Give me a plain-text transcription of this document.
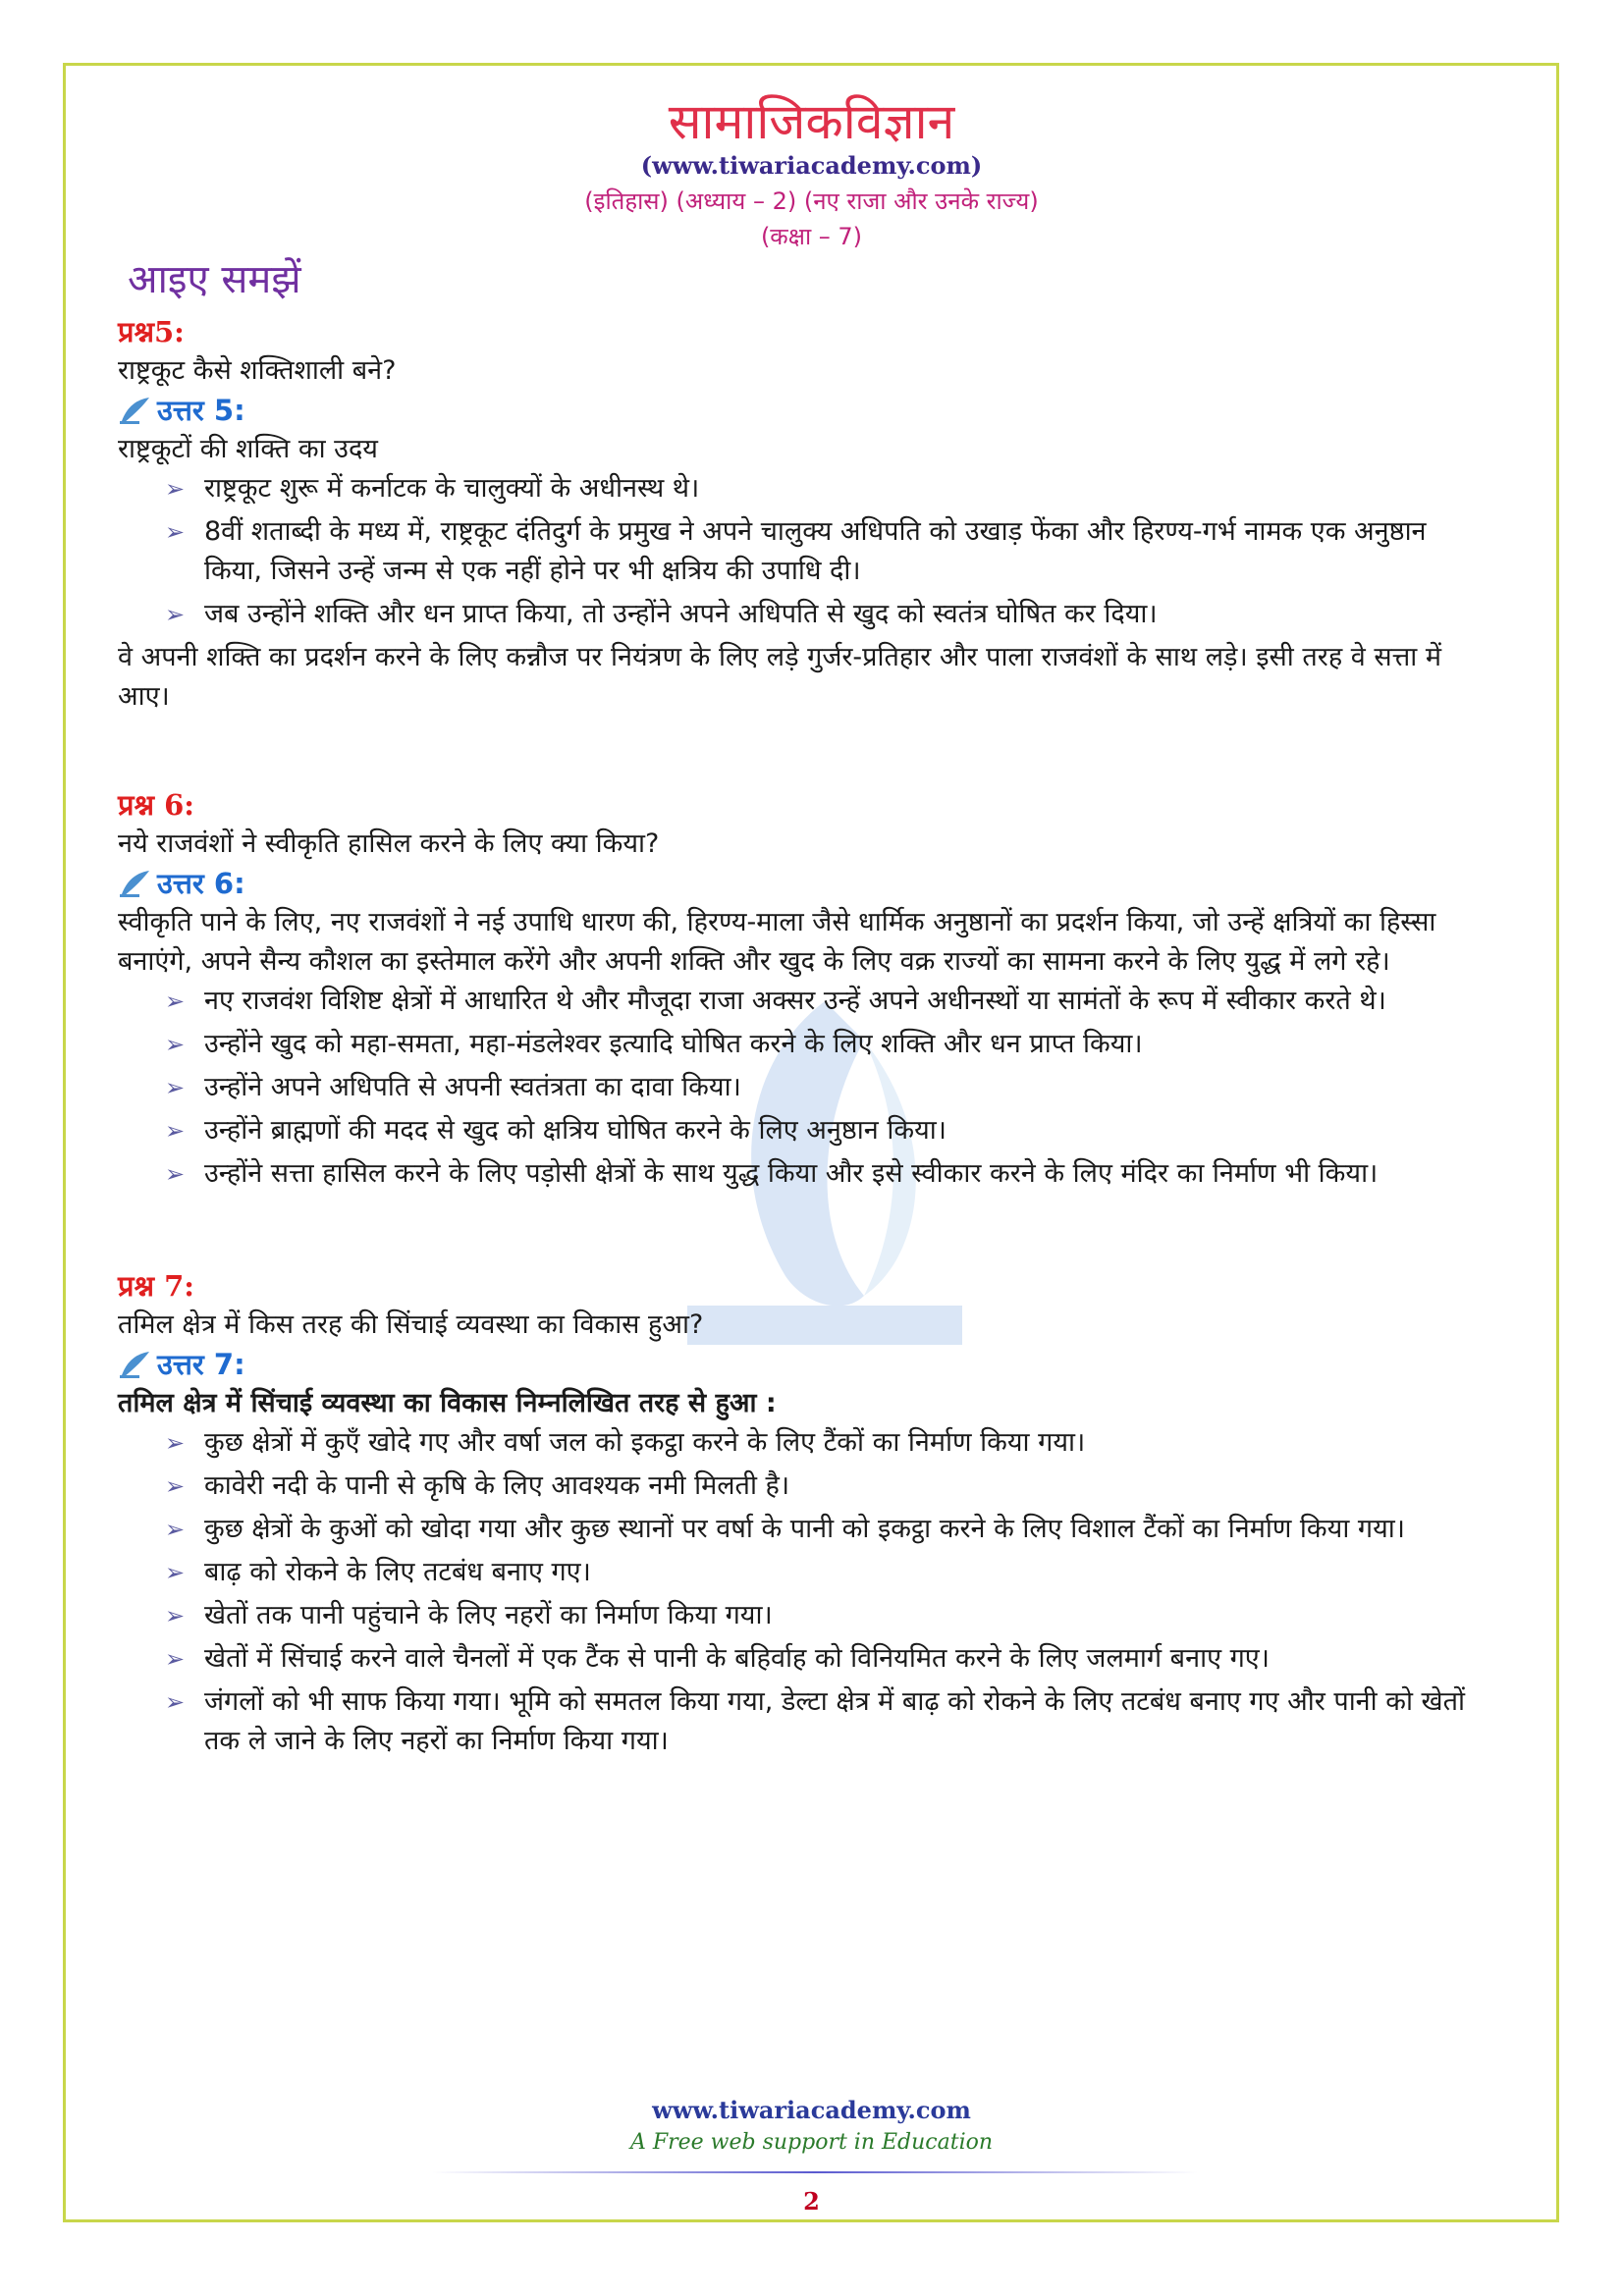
सामाजिकविज्ञान
(www.tiwariacademy.com)
(इतिहास) (अध्याय – 2) (नए राजा और उनके राज्य)
(कक्षा – 7)
आइए समझें

प्रश्न5:

राष्ट्रकूट कैसे शक्तिशाली बने?

उत्तर 5:

राष्ट्रकूटों की शक्ति का उदय

➢ राष्ट्रकूट शुरू में कर्नाटक के चालुक्यों के अधीनस्थ थे।
➢ 8वीं शताब्दी के मध्य में, राष्ट्रकूट दंतिदुर्ग के प्रमुख ने अपने चालुक्य अधिपति को उखाड़ फेंका और हिरण्य-गर्भ नामक एक अनुष्ठान किया, जिसने उन्हें जन्म से एक नहीं होने पर भी क्षत्रिय की उपाधि दी।
➢ जब उन्होंने शक्ति और धन प्राप्त किया, तो उन्होंने अपने अधिपति से खुद को स्वतंत्र घोषित कर दिया।

वे अपनी शक्ति का प्रदर्शन करने के लिए कन्नौज पर नियंत्रण के लिए लड़े गुर्जर-प्रतिहार और पाला राजवंशों के साथ लड़े। इसी तरह वे सत्ता में आए।

प्रश्न 6:

नये राजवंशों ने स्वीकृति हासिल करने के लिए क्या किया?

उत्तर 6:

स्वीकृति पाने के लिए, नए राजवंशों ने नई उपाधि धारण की, हिरण्य-माला जैसे धार्मिक अनुष्ठानों का प्रदर्शन किया, जो उन्हें क्षत्रियों का हिस्सा बनाएंगे, अपने सैन्य कौशल का इस्तेमाल करेंगे और अपनी शक्ति और खुद के लिए वक्र राज्यों का सामना करने के लिए युद्ध में लगे रहे।

➢ नए राजवंश विशिष्ट क्षेत्रों में आधारित थे और मौजूदा राजा अक्सर उन्हें अपने अधीनस्थों या सामंतों के रूप में स्वीकार करते थे।
➢ उन्होंने खुद को महा-समता, महा-मंडलेश्वर इत्यादि घोषित करने के लिए शक्ति और धन प्राप्त किया।
➢ उन्होंने अपने अधिपति से अपनी स्वतंत्रता का दावा किया।
➢ उन्होंने ब्राह्मणों की मदद से खुद को क्षत्रिय घोषित करने के लिए अनुष्ठान किया।
➢ उन्होंने सत्ता हासिल करने के लिए पड़ोसी क्षेत्रों के साथ युद्ध किया और इसे स्वीकार करने के लिए मंदिर का निर्माण भी किया।

प्रश्न 7:

तमिल क्षेत्र में किस तरह की सिंचाई व्यवस्था का विकास हुआ?

उत्तर 7:

तमिल क्षेत्र में सिंचाई व्यवस्था का विकास निम्नलिखित तरह से हुआ :

➢ कुछ क्षेत्रों में कुएँ खोदे गए और वर्षा जल को इकट्ठा करने के लिए टैंकों का निर्माण किया गया।
➢ कावेरी नदी के पानी से कृषि के लिए आवश्यक नमी मिलती है।
➢ कुछ क्षेत्रों के कुओं को खोदा गया और कुछ स्थानों पर वर्षा के पानी को इकट्ठा करने के लिए विशाल टैंकों का निर्माण किया गया।
➢ बाढ़ को रोकने के लिए तटबंध बनाए गए।
➢ खेतों तक पानी पहुंचाने के लिए नहरों का निर्माण किया गया।
➢ खेतों में सिंचाई करने वाले चैनलों में एक टैंक से पानी के बहिर्वाह को विनियमित करने के लिए जलमार्ग बनाए गए।
➢ जंगलों को भी साफ किया गया। भूमि को समतल किया गया, डेल्टा क्षेत्र में बाढ़ को रोकने के लिए तटबंध बनाए गए और पानी को खेतों तक ले जाने के लिए नहरों का निर्माण किया गया।
www.tiwariacademy.com
A Free web support in Education
2
